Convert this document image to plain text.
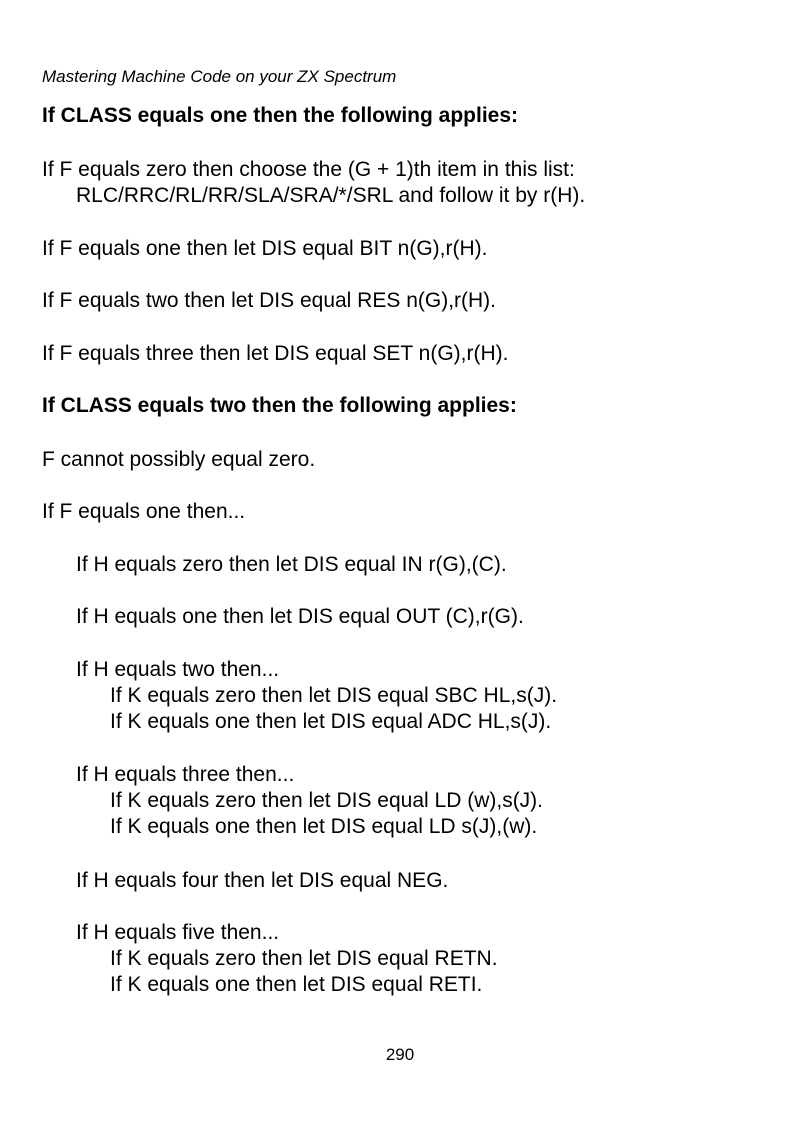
Mastering Machine Code on your ZX Spectrum
If CLASS equals one then the following applies:
If F equals zero then choose the (G + 1)th item in this list:
RLC/RRC/RL/RR/SLA/SRA/*/SRL and follow it by r(H).
If F equals one then let DIS equal BIT n(G),r(H).
If F equals two then let DIS equal RES n(G),r(H).
If F equals three then let DIS equal SET n(G),r(H).
If CLASS equals two then the following applies:
F cannot possibly equal zero.
If F equals one then...
If H equals zero then let DIS equal IN r(G),(C).
If H equals one then let DIS equal OUT (C),r(G).
If H equals two then...
If K equals zero then let DIS equal SBC HL,s(J).
If K equals one then let DIS equal ADC HL,s(J).
If H equals three then...
If K equals zero then let DIS equal LD (w),s(J).
If K equals one then let DIS equal LD s(J),(w).
If H equals four then let DIS equal NEG.
If H equals five then...
If K equals zero then let DIS equal RETN.
If K equals one then let DIS equal RETI.
290
